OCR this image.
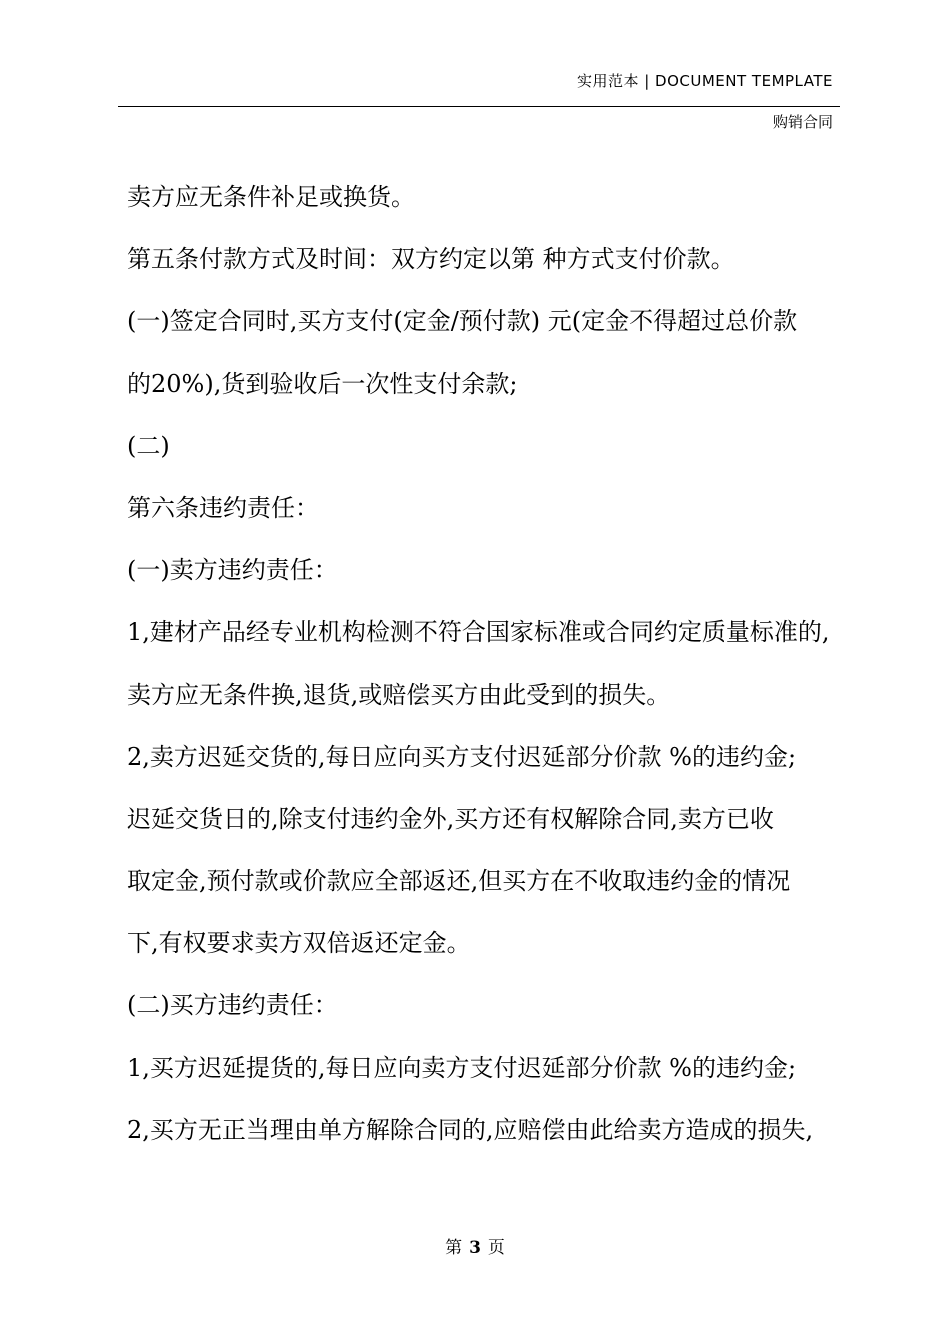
实用范本 | DOCUMENT TEMPLATE
购销合同
卖方应无条件补足或换货。
第五条付款方式及时间：双方约定以第 种方式支付价款。
(一)签定合同时,买方支付(定金/预付款) 元(定金不得超过总价款
的20%),货到验收后一次性支付余款;
(二)
第六条违约责任：
(一)卖方违约责任：
1,建材产品经专业机构检测不符合国家标准或合同约定质量标准的,
卖方应无条件换,退货,或赔偿买方由此受到的损失。
2,卖方迟延交货的,每日应向买方支付迟延部分价款 %的违约金;
迟延交货日的,除支付违约金外,买方还有权解除合同,卖方已收
取定金,预付款或价款应全部返还,但买方在不收取违约金的情况
下,有权要求卖方双倍返还定金。
(二)买方违约责任：
1,买方迟延提货的,每日应向卖方支付迟延部分价款 %的违约金;
2,买方无正当理由单方解除合同的,应赔偿由此给卖方造成的损失,
第 3 页
